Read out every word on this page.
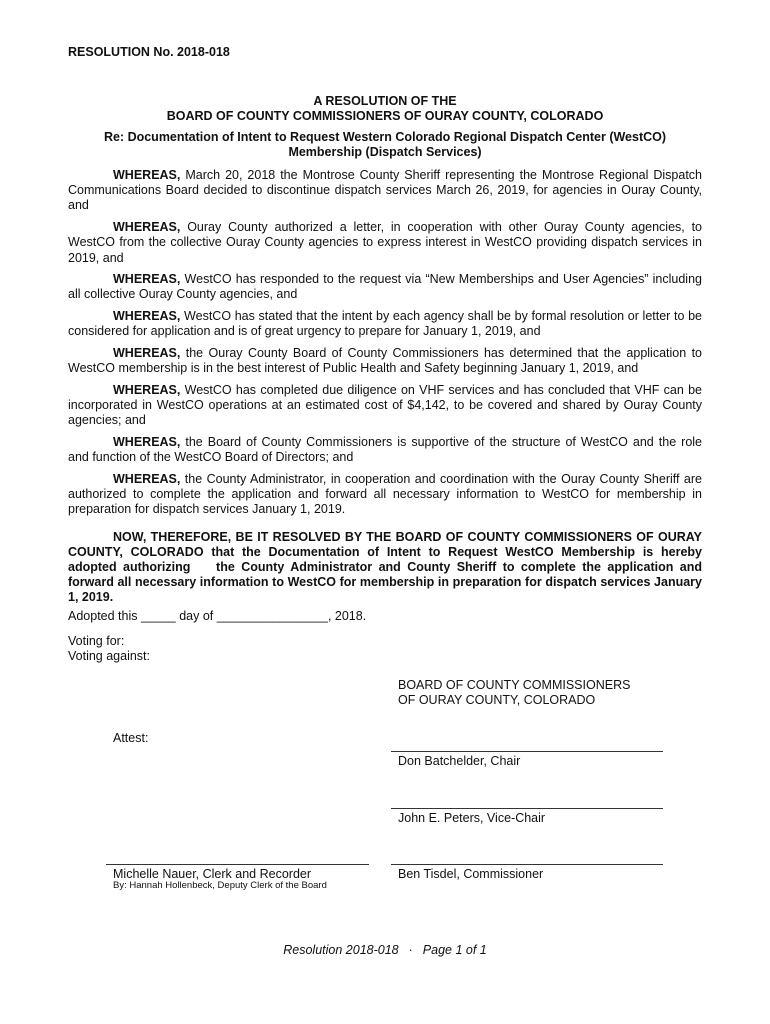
RESOLUTION No. 2018-018
A RESOLUTION OF THE
BOARD OF COUNTY COMMISSIONERS OF OURAY COUNTY, COLORADO
Re: Documentation of Intent to Request Western Colorado Regional Dispatch Center (WestCO) Membership (Dispatch Services)

WHEREAS, March 20, 2018 the Montrose County Sheriff representing the Montrose Regional Dispatch Communications Board decided to discontinue dispatch services March 26, 2019, for agencies in Ouray County, and

WHEREAS, Ouray County authorized a letter, in cooperation with other Ouray County agencies, to WestCO from the collective Ouray County agencies to express interest in WestCO providing dispatch services in 2019, and

WHEREAS, WestCO has responded to the request via “New Memberships and User Agencies” including all collective Ouray County agencies, and

WHEREAS, WestCO has stated that the intent by each agency shall be by formal resolution or letter to be considered for application and is of great urgency to prepare for January 1, 2019, and

WHEREAS, the Ouray County Board of County Commissioners has determined that the application to WestCO membership is in the best interest of Public Health and Safety beginning January 1, 2019, and

WHEREAS, WestCO has completed due diligence on VHF services and has concluded that VHF can be incorporated in WestCO operations at an estimated cost of $4,142, to be covered and shared by Ouray County agencies; and

WHEREAS, the Board of County Commissioners is supportive of the structure of WestCO and the role and function of the WestCO Board of Directors; and

WHEREAS, the County Administrator, in cooperation and coordination with the Ouray County Sheriff are authorized to complete the application and forward all necessary information to WestCO for membership in preparation for dispatch services January 1, 2019.

NOW, THEREFORE, BE IT RESOLVED BY THE BOARD OF COUNTY COMMISSIONERS OF OURAY COUNTY, COLORADO that the Documentation of Intent to Request WestCO Membership is hereby adopted authorizing    the County Administrator and County Sheriff to complete the application and forward all necessary information to WestCO for membership in preparation for dispatch services January 1, 2019.

Adopted this _____ day of ________________, 2018.
Voting for:
Voting against:
BOARD OF COUNTY COMMISSIONERS
OF OURAY COUNTY, COLORADO
Attest:
Don Batchelder, Chair
John E. Peters, Vice-Chair
Michelle Nauer, Clerk and Recorder
By: Hannah Hollenbeck, Deputy Clerk of the Board
Ben Tisdel, Commissioner
Resolution 2018-018 · Page 1 of 1
